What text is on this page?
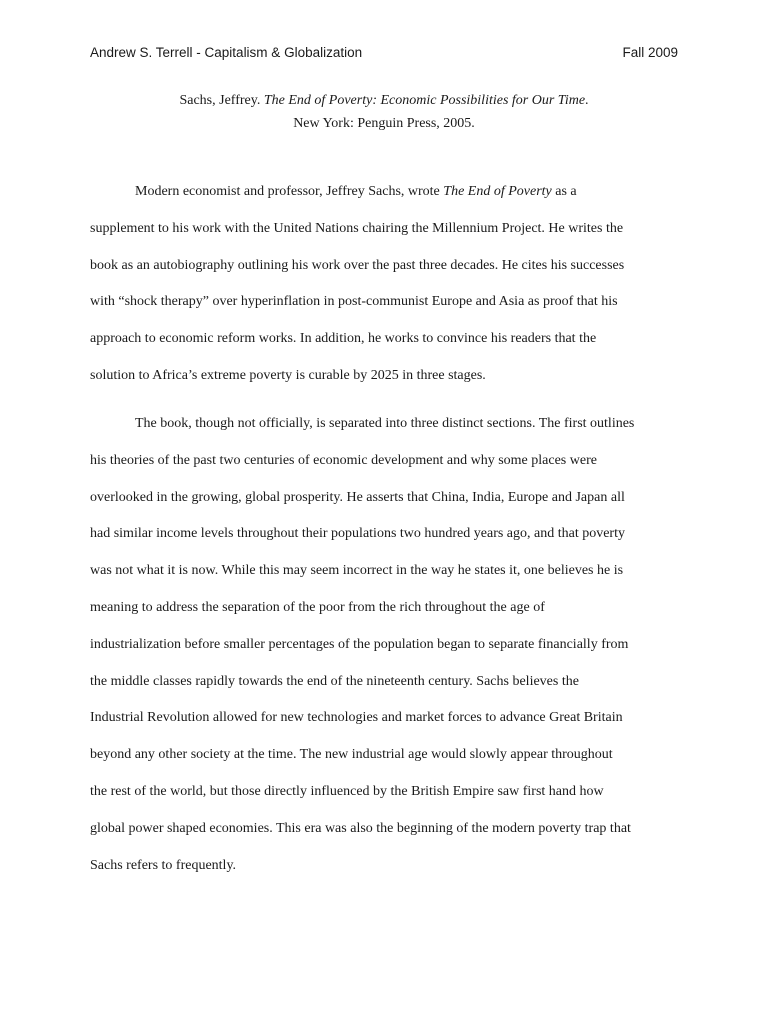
Andrew S. Terrell - Capitalism & Globalization	Fall 2009
Sachs, Jeffrey. The End of Poverty: Economic Possibilities for Our Time.
New York: Penguin Press, 2005.
Modern economist and professor, Jeffrey Sachs, wrote The End of Poverty as a
supplement to his work with the United Nations chairing the Millennium Project. He writes the
book as an autobiography outlining his work over the past three decades. He cites his successes
with “shock therapy” over hyperinflation in post-communist Europe and Asia as proof that his
approach to economic reform works. In addition, he works to convince his readers that the
solution to Africa’s extreme poverty is curable by 2025 in three stages.
The book, though not officially, is separated into three distinct sections. The first outlines
his theories of the past two centuries of economic development and why some places were
overlooked in the growing, global prosperity. He asserts that China, India, Europe and Japan all
had similar income levels throughout their populations two hundred years ago, and that poverty
was not what it is now. While this may seem incorrect in the way he states it, one believes he is
meaning to address the separation of the poor from the rich throughout the age of
industrialization before smaller percentages of the population began to separate financially from
the middle classes rapidly towards the end of the nineteenth century. Sachs believes the
Industrial Revolution allowed for new technologies and market forces to advance Great Britain
beyond any other society at the time. The new industrial age would slowly appear throughout
the rest of the world, but those directly influenced by the British Empire saw first hand how
global power shaped economies. This era was also the beginning of the modern poverty trap that
Sachs refers to frequently.
